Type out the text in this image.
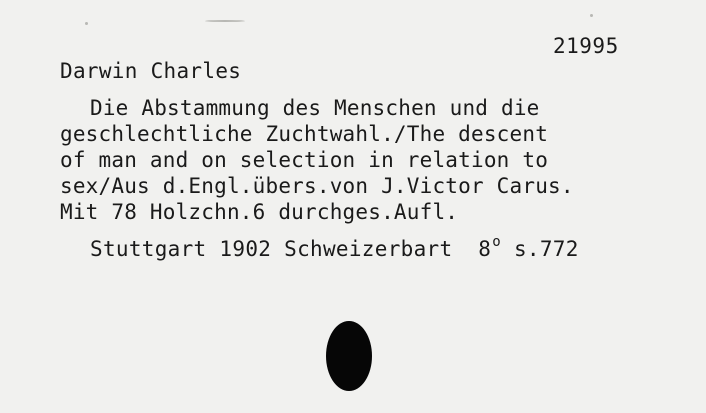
21995
Darwin Charles
Die Abstammung des Menschen und die
geschlechtliche Zuchtwahl./The descent
of man and on selection in relation to
sex/Aus d.Engl.übers.von J.Victor Carus.
Mit 78 Holzchn.6 durchges.Aufl.
Stuttgart 1902 Schweizerbart 8$^o$ s.772
